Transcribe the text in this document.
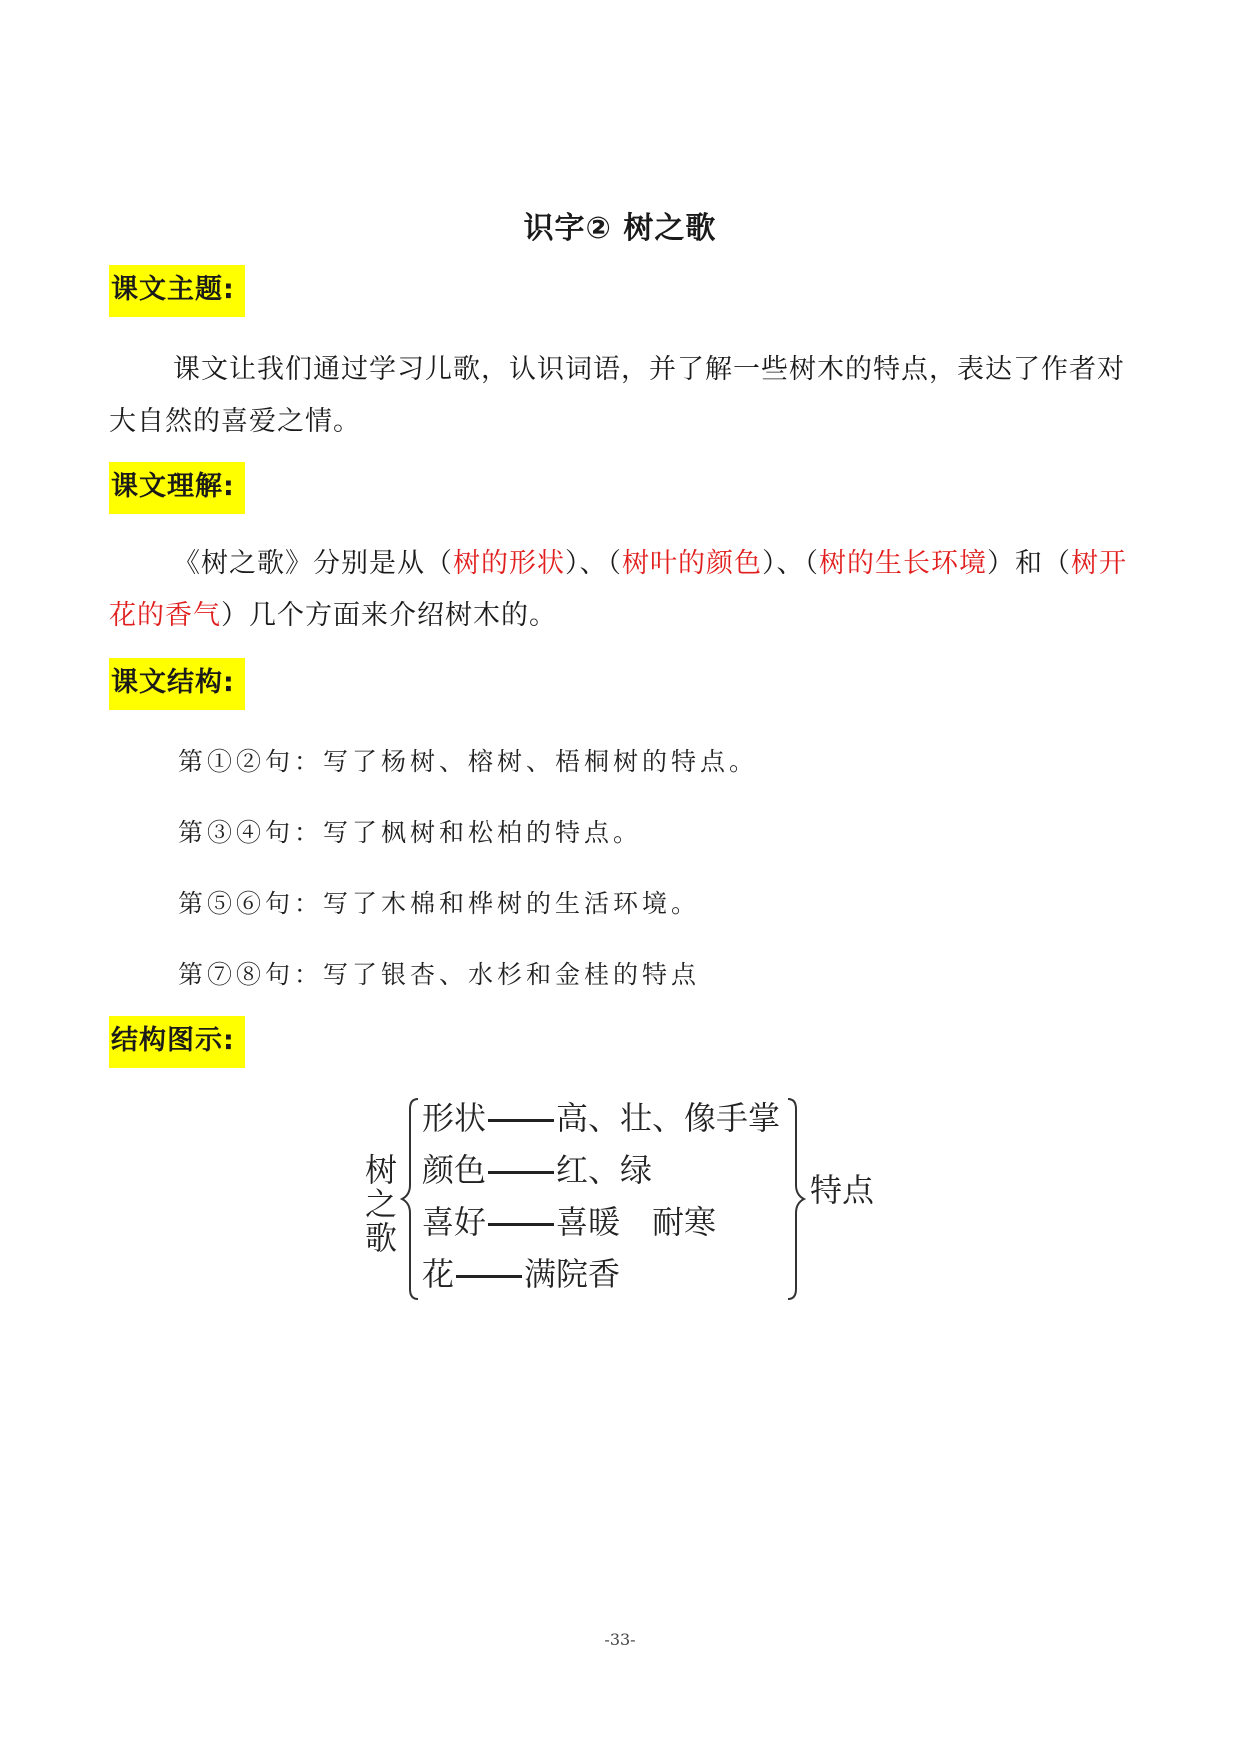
识字② 树之歌
课文主题:
课文让我们通过学习儿歌，认识词语，并了解一些树木的特点，表达了作者对大自然的喜爱之情。
课文理解:
《树之歌》分别是从（树的形状）、（树叶的颜色）、（树的生长环境）和（树开花的香气）几个方面来介绍树木的。
课文结构:
第①②句：写了杨树、榕树、梧桐树的特点。
第③④句：写了枫树和松柏的特点。
第⑤⑥句：写了木棉和桦树的生活环境。
第⑦⑧句：写了银杏、水杉和金桂的特点
结构图示:
树
之
歌
形状 高、壮、像手掌
颜色 红、绿
喜好 喜暖　耐寒
花 满院香
特点
-33-
